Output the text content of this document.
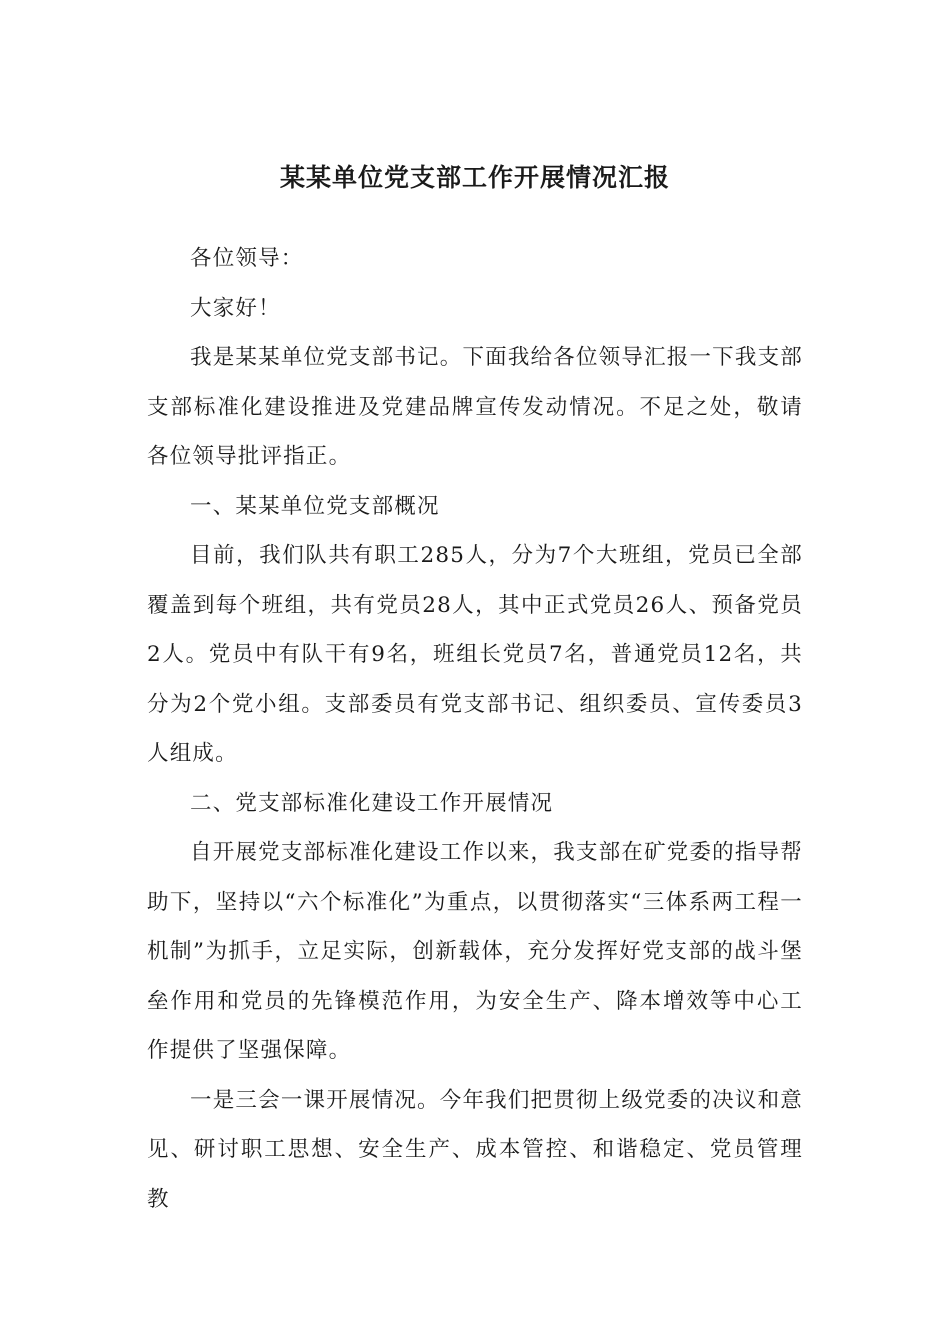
某某单位党支部工作开展情况汇报

各位领导：

大家好！

我是某某单位党支部书记。下面我给各位领导汇报一下我支部支部标准化建设推进及党建品牌宣传发动情况。不足之处，敬请各位领导批评指正。

一、某某单位党支部概况

目前，我们队共有职工285人，分为7个大班组，党员已全部覆盖到每个班组，共有党员28人，其中正式党员26人、预备党员2人。党员中有队干有9名，班组长党员7名，普通党员12名，共分为2个党小组。支部委员有党支部书记、组织委员、宣传委员3人组成。

二、党支部标准化建设工作开展情况

自开展党支部标准化建设工作以来，我支部在矿党委的指导帮助下，坚持以“六个标准化”为重点，以贯彻落实“三体系两工程一机制”为抓手，立足实际，创新载体，充分发挥好党支部的战斗堡垒作用和党员的先锋模范作用，为安全生产、降本增效等中心工作提供了坚强保障。

一是三会一课开展情况。今年我们把贯彻上级党委的决议和意见、研讨职工思想、安全生产、成本管控、和谐稳定、党员管理教
